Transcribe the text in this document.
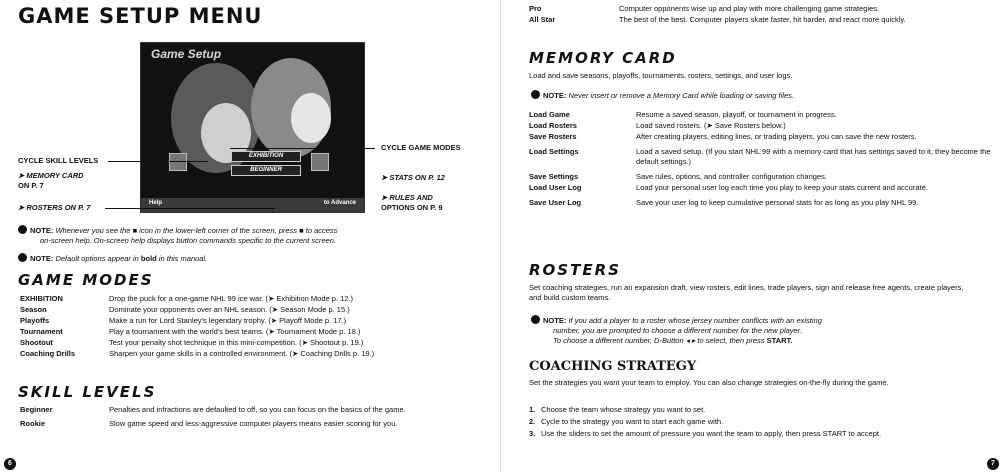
GAME SETUP MENU
Game Setup
EXHIBITION
BEGINNER
Help	to Advance
CYCLE SKILL LEVELS
➤ MEMORY CARD
ON P. 7
➤ ROSTERS ON P. 7
CYCLE GAME MODES
➤ STATS ON P. 12
➤ RULES AND
OPTIONS ON P. 9
NOTE: Whenever you see the ■ icon in the lower-left corner of the screen, press ■ to access
on-screen help. On-screen help displays button commands specific to the current screen.
NOTE: Default options appear in bold in this manual.
GAME MODES
EXHIBITION	Drop the puck for a one-game NHL 99 ice war. (➤ Exhibition Mode p. 12.)
Season	Dominate your opponents over an NHL season. (➤ Season Mode p. 15.)
Playoffs	Make a run for Lord Stanley's legendary trophy. (➤ Playoff Mode p. 17.)
Tournament	Play a tournament with the world's best teams. (➤ Tournament Mode p. 18.)
Shootout	Test your penalty shot technique in this mini-competition. (➤ Shootout p. 19.)
Coaching Drills	Sharpen your game skills in a controlled environment. (➤ Coaching Drills p. 19.)
SKILL LEVELS
Beginner	Penalties and infractions are defaulted to off, so you can focus on the basics of the game.
Rookie	Slow game speed and less-aggressive computer players means easier scoring for you.
6
Pro	Computer opponents wise up and play with more challenging game strategies.
All Star	The best of the best. Computer players skate faster, hit harder, and react more quickly.
MEMORY CARD
Load and save seasons, playoffs, tournaments, rosters, settings, and user logs.
NOTE: Never insert or remove a Memory Card while loading or saving files.
Load Game	Resume a saved season, playoff, or tournament in progress.
Load Rosters	Load saved rosters. (➤ Save Rosters below.)
Save Rosters	After creating players, editing lines, or trading players, you can save the new rosters.
Load Settings	Load a saved setup. (If you start NHL 99 with a memory card that has settings saved to it, they become the default settings.)
Save Settings	Save rules, options, and controller configuration changes.
Load User Log	Load your personal user log each time you play to keep your stats current and accurate.
Save User Log	Save your user log to keep cumulative personal stats for as long as you play NHL 99.
ROSTERS
Set coaching strategies, run an expansion draft, view rosters, edit lines, trade players, sign and release free agents, create players, and build custom teams.
NOTE: If you add a player to a roster whose jersey number conflicts with an existing
number, you are prompted to choose a different number for the new player.
To choose a different number, D-Button ◂ ▸ to select, then press START.
COACHING STRATEGY
Set the strategies you want your team to employ. You can also change strategies on-the-fly during the game.
1. Choose the team whose strategy you want to set.
2. Cycle to the strategy you want to start each game with.
3. Use the sliders to set the amount of pressure you want the team to apply, then press START to accept.
7
